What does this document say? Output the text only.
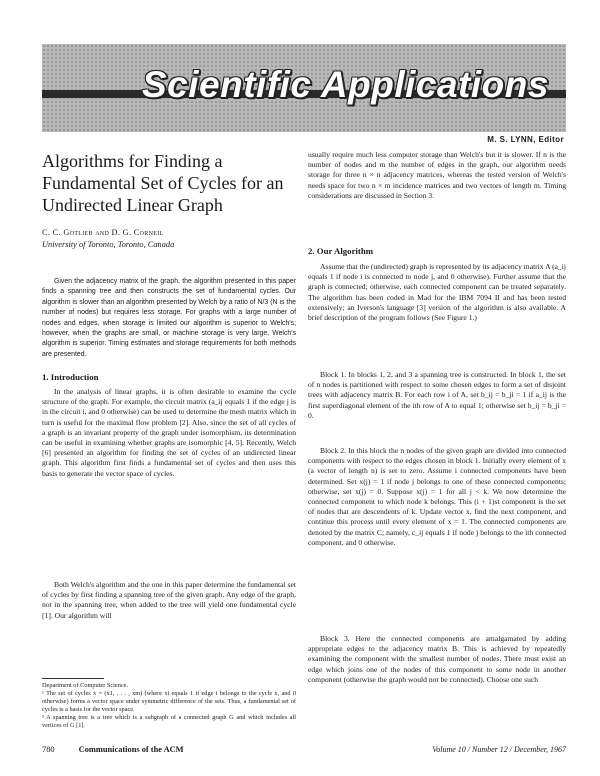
Scientific Applications
M. S. LYNN, Editor
Algorithms for Finding a Fundamental Set of Cycles for an Undirected Linear Graph
C. C. Gotlieb and D. G. Corneil
University of Toronto, Toronto, Canada

Given the adjacency matrix of the graph, the algorithm presented in this paper finds a spanning tree and then constructs the set of fundamental cycles. Our algorithm is slower than an algorithm presented by Welch by a ratio of N/3 (N is the number of nodes) but requires less storage. For graphs with a large number of nodes and edges, when storage is limited our algorithm is superior to Welch's; however, when the graphs are small, or machine storage is very large, Welch's algorithm is superior. Timing estimates and storage requirements for both methods are presented.

1. Introduction

In the analysis of linear graphs, it is often desirable to examine the cycle structure of the graph. For example, the circuit matrix (a_ij equals 1 if the edge j is in the circuit i, and 0 otherwise) can be used to determine the mesh matrix which in turn is useful for the maximal flow problem [2]. Also, since the set of all cycles of a graph is an invariant property of the graph under isomorphism, its determination can be useful in examining whether graphs are isomorphic [4, 5]. Recently, Welch [6] presented an algorithm for finding the set of cycles of an undirected linear graph. This algorithm first finds a fundamental set of cycles and then uses this basis to generate the vector space of cycles.

Both Welch's algorithm and the one in this paper determine the fundamental set of cycles by first finding a spanning tree of the given graph. Any edge of the graph, not in the spanning tree, when added to the tree will yield one fundamental cycle [1]. Our algorithm will

Department of Computer Science.

¹ The set of cycles x = (x1, . . . , xm) (where xi equals 1 if edge i belongs to the cycle x, and 0 otherwise) forms a vector space under symmetric difference of the sets. Thus, a fundamental set of cycles is a basis for the vector space.

² A spanning tree is a tree which is a subgraph of a connected graph G and which includes all vertices of G [1].

usually require much less computer storage than Welch's but it is slower. If n is the number of nodes and m the number of edges in the graph, our algorithm needs storage for three n × n adjacency matrices, whereas the tested version of Welch's needs space for two n × m incidence matrices and two vectors of length m. Timing considerations are discussed in Section 3.

2. Our Algorithm

Assume that the (undirected) graph is represented by its adjacency matrix A (a_ij equals 1 if node i is connected to node j, and 0 otherwise). Further assume that the graph is connected; otherwise, each connected component can be treated separately. The algorithm has been coded in Mad for the IBM 7094 II and has been tested extensively; an Iverson's language [3] version of the algorithm is also available. A brief description of the program follows (See Figure 1.)

Block 1. In blocks 1, 2, and 3 a spanning tree is constructed. In block 1, the set of n nodes is partitioned with respect to some chosen edges to form a set of disjoint trees with adjacency matrix B. For each row i of A, set b_ij = b_ji = 1 if a_ij is the first superdiagonal element of the ith row of A to equal 1; otherwise set b_ij = b_ji = 0.

Block 2. In this block the n nodes of the given graph are divided into connected components with respect to the edges chosen in block 1. Initially every element of x (a vector of length n) is set to zero. Assume i connected components have been determined. Set x(j) = 1 if node j belongs to one of these connected components; otherwise, set x(j) = 0. Suppose x(j) = 1 for all j < k. We now determine the connected component to which node k belongs. This (i + 1)st component is the set of nodes that are descendents of k. Update vector x, find the next component, and continue this process until every element of x = 1. The connected components are denoted by the matrix C; namely, c_ij equals 1 if node j belongs to the ith connected component, and 0 otherwise.

Block 3. Here the connected components are amalgamated by adding appropriate edges to the adjacency matrix B. This is achieved by repeatedly examining the component with the smallest number of nodes. There must exist an edge which joins one of the nodes of this component to some node in another component (otherwise the graph would not be connected). Choose one such

780	Communications of the ACM	Volume 10 / Number 12 / December, 1967
